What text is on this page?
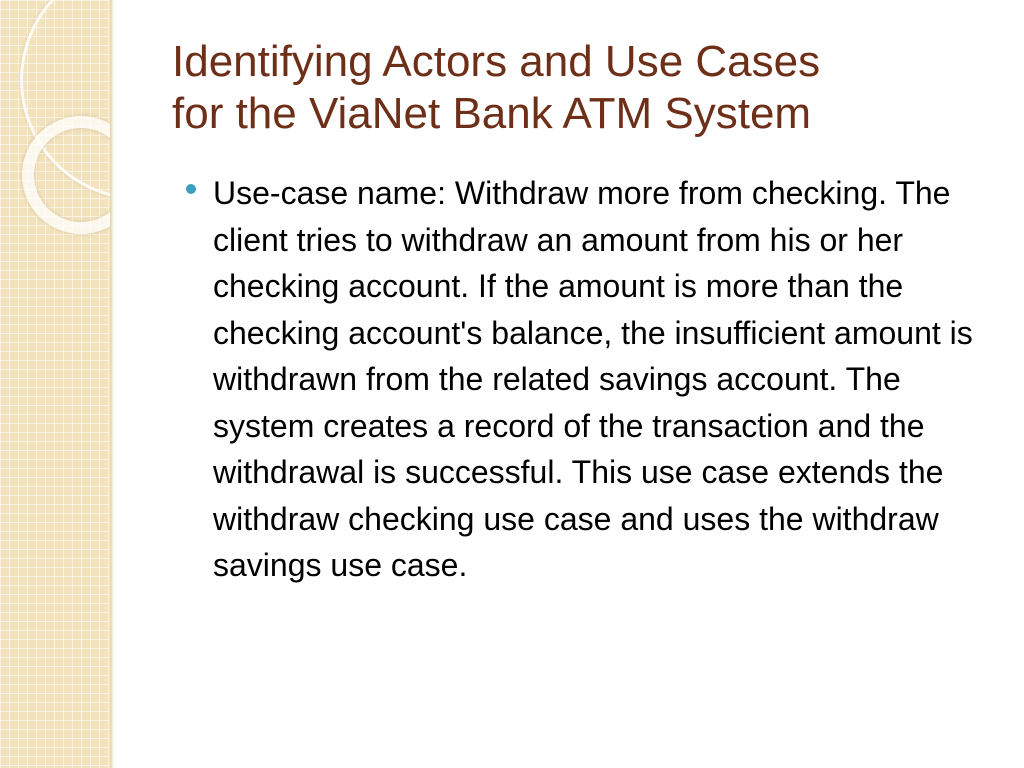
Identifying Actors and Use Cases
for the ViaNet Bank ATM System
Use-case name: Withdraw more from checking. The client tries to withdraw an amount from his or her checking account. If the amount is more than the checking account's balance, the insufficient amount is withdrawn from the related savings account. The system creates a record of the transaction and the withdrawal is successful. This use case extends the withdraw checking use case and uses the withdraw savings use case.
